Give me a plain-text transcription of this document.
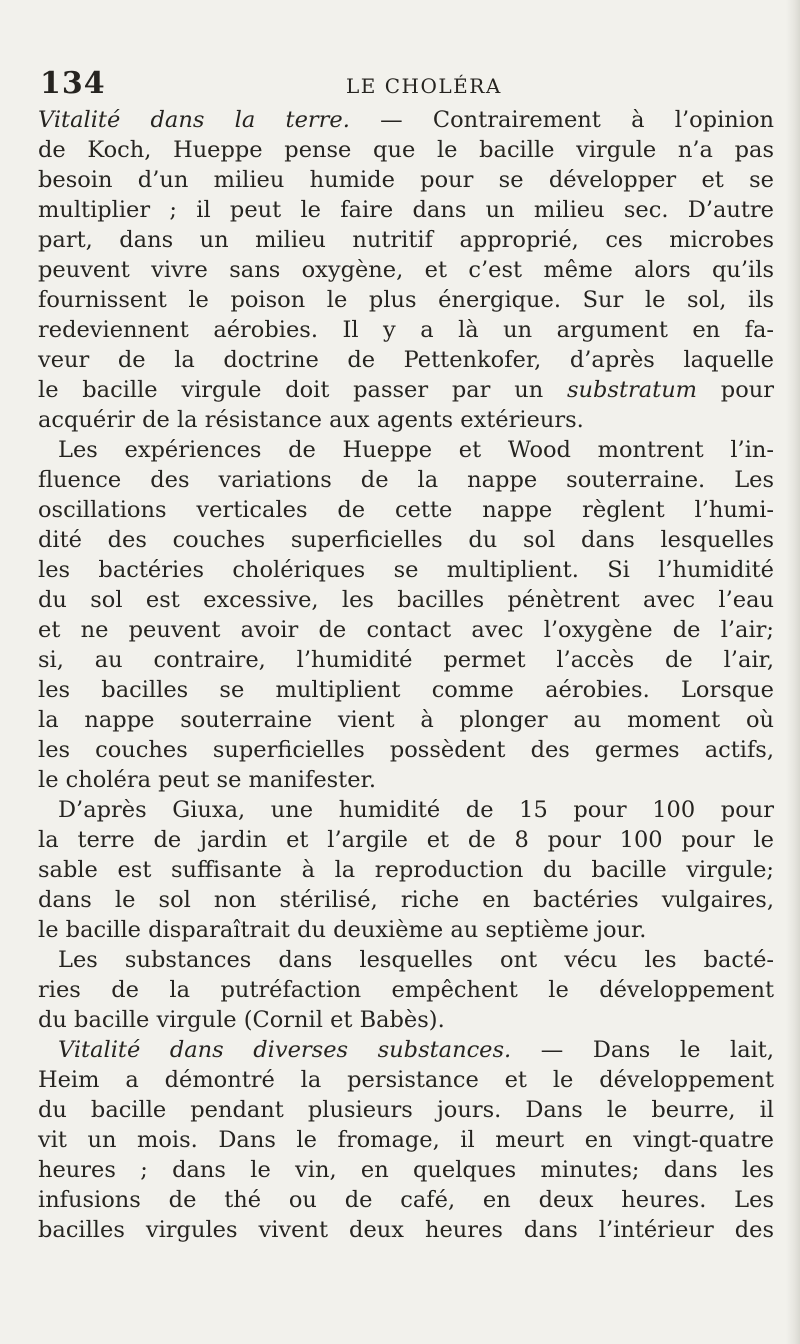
134	LE CHOLÉRA
Vitalité dans la terre. — Contrairement à l’opinion
de Koch, Hueppe pense que le bacille virgule n’a pas
besoin d’un milieu humide pour se développer et se
multiplier ; il peut le faire dans un milieu sec. D’autre
part, dans un milieu nutritif approprié, ces microbes
peuvent vivre sans oxygène, et c’est même alors qu’ils
fournissent le poison le plus énergique. Sur le sol, ils
redeviennent aérobies. Il y a là un argument en fa-
veur de la doctrine de Pettenkofer, d’après laquelle
le bacille virgule doit passer par un substratum pour
acquérir de la résistance aux agents extérieurs.
Les expériences de Hueppe et Wood montrent l’in-
fluence des variations de la nappe souterraine. Les
oscillations verticales de cette nappe règlent l’humi-
dité des couches superficielles du sol dans lesquelles
les bactéries cholériques se multiplient. Si l’humidité
du sol est excessive, les bacilles pénètrent avec l’eau
et ne peuvent avoir de contact avec l’oxygène de l’air;
si, au contraire, l’humidité permet l’accès de l’air,
les bacilles se multiplient comme aérobies. Lorsque
la nappe souterraine vient à plonger au moment où
les couches superficielles possèdent des germes actifs,
le choléra peut se manifester.
D’après Giuxa, une humidité de 15 pour 100 pour
la terre de jardin et l’argile et de 8 pour 100 pour le
sable est suffisante à la reproduction du bacille virgule;
dans le sol non stérilisé, riche en bactéries vulgaires,
le bacille disparaîtrait du deuxième au septième jour.
Les substances dans lesquelles ont vécu les bacté-
ries de la putréfaction empêchent le développement
du bacille virgule (Cornil et Babès).
Vitalité dans diverses substances. — Dans le lait,
Heim a démontré la persistance et le développement
du bacille pendant plusieurs jours. Dans le beurre, il
vit un mois. Dans le fromage, il meurt en vingt-quatre
heures ; dans le vin, en quelques minutes; dans les
infusions de thé ou de café, en deux heures. Les
bacilles virgules vivent deux heures dans l’intérieur des
